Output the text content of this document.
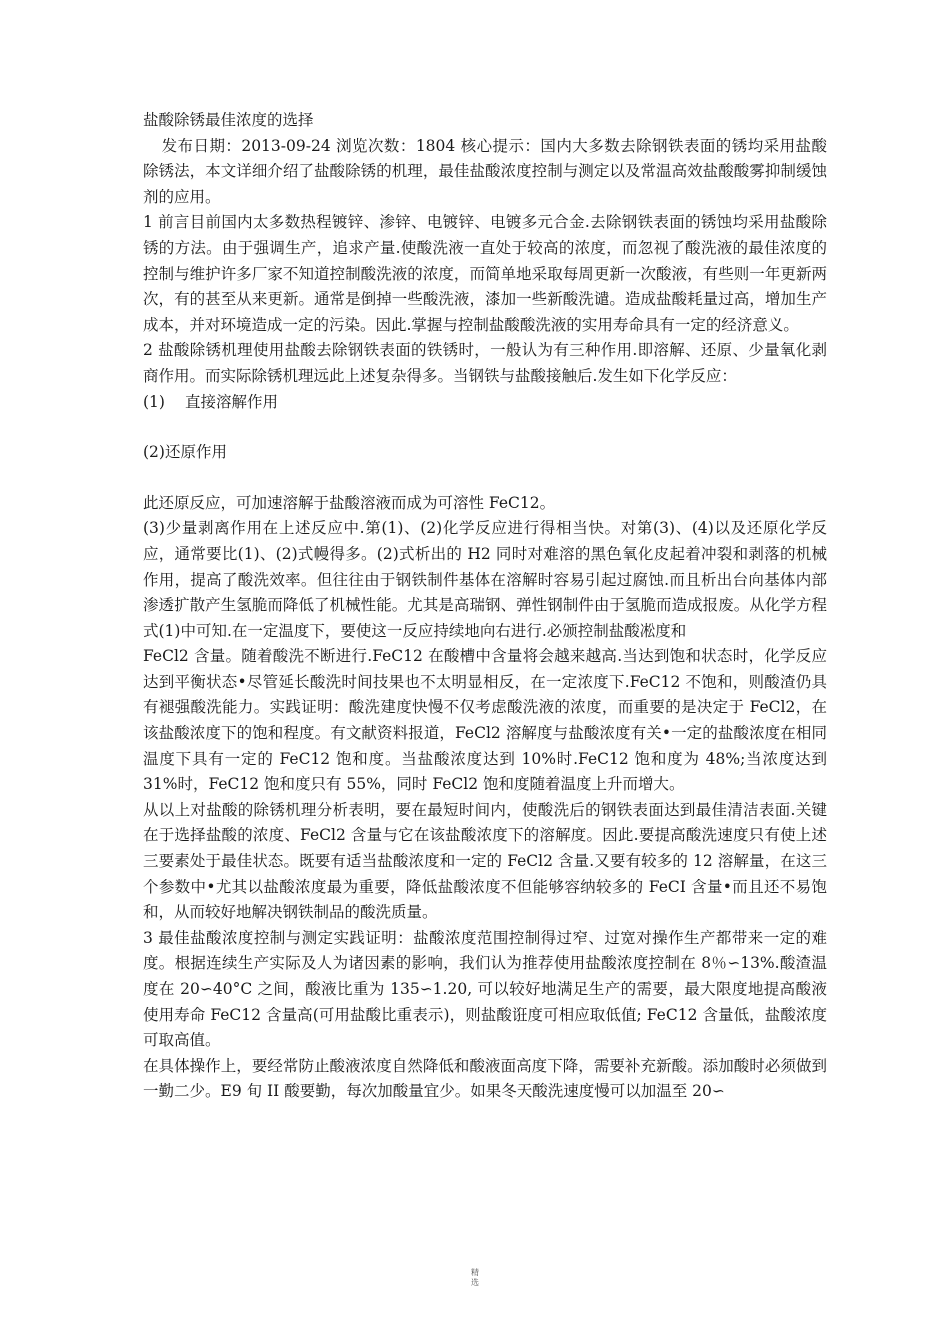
盐酸除锈最佳浓度的选择

发布日期：2013-09-24 浏览次数：1804 核心提示：国内大多数去除钢铁表面的锈均采用盐酸除锈法，本文详细介绍了盐酸除锈的机理，最佳盐酸浓度控制与测定以及常温高效盐酸酸雾抑制缓蚀剂的应用。

1 前言目前国内太多数热程镀锌、渗锌、电镀锌、电镀多元合金.去除钢铁表面的锈蚀均采用盐酸除锈的方法。由于强调生产，追求产量.使酸洗液一直处于较高的浓度，而忽视了酸洗液的最佳浓度的控制与维护许多厂家不知道控制酸洗液的浓度，而简单地采取每周更新一次酸液，有些则一年更新两次，有的甚至从来更新。通常是倒掉一些酸洗液，漆加一些新酸洗谴。造成盐酸耗量过高，增加生产成本，并对环境造成一定的污染。因此.掌握与控制盐酸酸洗液的实用寿命具有一定的经济意义。

2 盐酸除锈机理使用盐酸去除钢铁表面的铁锈时，一般认为有三种作用.即溶解、还原、少量氧化剥商作用。而实际除锈机理远此上述复杂得多。当钢铁与盐酸接触后.发生如下化学反应：

(1) 直接溶解作用

(2)还原作用

此还原反应，可加速溶解于盐酸溶液而成为可溶性 FeC12。

(3)少量剥离作用在上述反应中.第(1)、(2)化学反应进行得相当快。对第(3)、(4)以及还原化学反应，通常要比(1)、(2)式幔得多。(2)式析出的 H2 同时对难溶的黑色氧化皮起着冲裂和剥落的机械作用，提高了酸洗效率。但往往由于钢铁制件基体在溶解时容易引起过腐蚀.而且析出台向基体内部渗透扩散产生氢脆而降低了机械性能。尤其是高瑞钢、弹性钢制件由于氢脆而造成报废。从化学方程式(1)中可知.在一定温度下，要使这一反应持续地向右进行.必颁控制盐酸凇度和

FeCl2 含量。随着酸洗不断进行.FeC12 在酸槽中含量将会越来越高.当达到饱和状态时，化学反应达到平衡状态•尽管延长酸洗时间技果也不太明显相反，在一定浓度下.FeC12 不饱和，则酸渣仍具有褪强酸洗能力。实践证明：酸洗建度快慢不仅考虑酸洗液的浓度，而重要的是决定于 FeCl2，在该盐酸浓度下的饱和程度。有文献资料报道，FeCl2 溶解度与盐酸浓度有关•一定的盐酸浓度在相同温度下具有一定的 FeC12 饱和度。当盐酸浓度达到 10%时.FeC12 饱和度为 48%;当浓度达到 31%时，FeC12 饱和度只有 55%，同时 FeCl2 饱和度随着温度上升而增大。

从以上对盐酸的除锈机理分析表明，要在最短时间内，使酸洗后的钢铁表面达到最佳清洁表面.关键在于选择盐酸的浓度、FeCl2 含量与它在该盐酸浓度下的溶解度。因此.要提高酸洗速度只有使上述三要素处于最佳状态。既要有适当盐酸浓度和一定的 FeCl2 含量.又要有较多的 12 溶解量，在这三个参数中•尤其以盐酸浓度最为重要，降低盐酸浓度不但能够容纳较多的 FeCI 含量•而且还不易饱和，从而较好地解决钢铁制品的酸洗质量。

3 最佳盐酸浓度控制与测定实践证明：盐酸浓度范围控制得过窄、过宽对操作生产都带来一定的难度。根据连续生产实际及人为诸因素的影响，我们认为推荐使用盐酸浓度控制在 8％∽13%.酸渣温度在 20∽40°C 之间，酸液比重为 135∽1.20, 可以较好地满足生产的需要，最大限度地提高酸液使用寿命 FeC12 含量高(可用盐酸比重表示)，则盐酸诳度可相应取低值; FeC12 含量低，盐酸浓度可取高值。

在具体操作上，要经常防止酸液浓度自然降低和酸液面高度下降，需要补充新酸。添加酸时必须做到一勤二少。E9 旬 II 酸要勤，每次加酸量宜少。如果冬天酸洗速度慢可以加温至 20∽

精
选
